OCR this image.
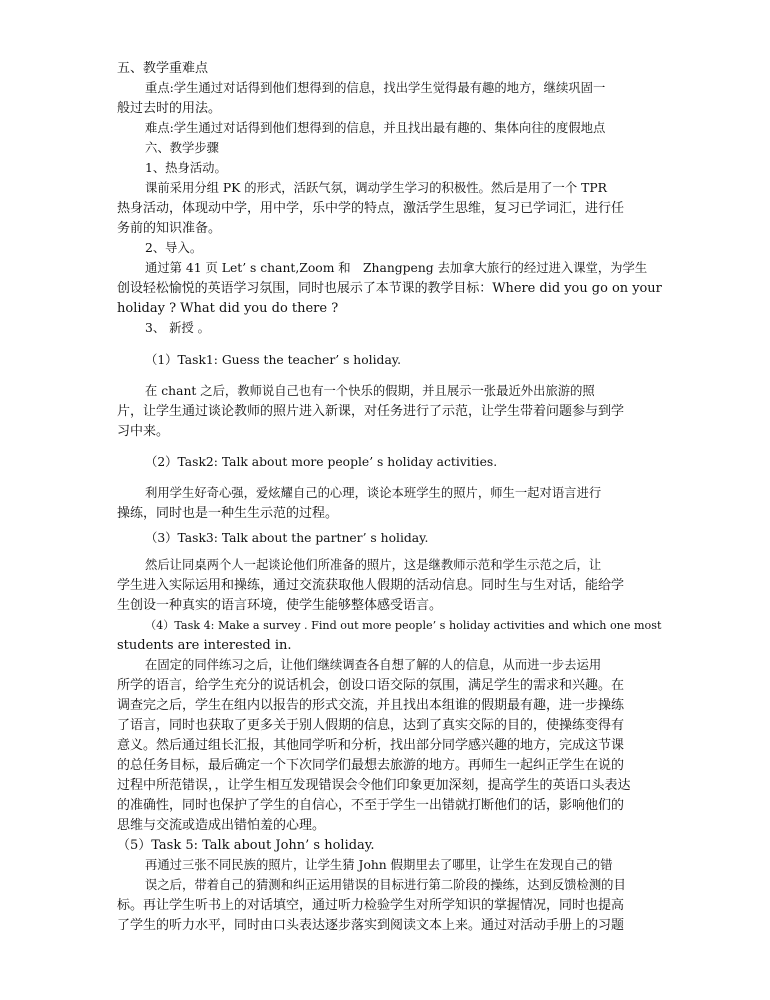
五、教学重难点
重点:学生通过对话得到他们想得到的信息，找出学生觉得最有趣的地方，继续巩固一
般过去时的用法。
难点:学生通过对话得到他们想得到的信息，并且找出最有趣的、集体向往的度假地点
六、教学步骤
1、热身活动。
课前采用分组 PK 的形式，活跃气氛，调动学生学习的积极性。然后是用了一个 TPR
热身活动，体现动中学，用中学，乐中学的特点，激活学生思维，复习已学词汇，进行任
务前的知识准备。
2、导入。
通过第 41 页 Let’ s chant,Zoom 和　Zhangpeng 去加拿大旅行的经过进入课堂，为学生
创设轻松愉悦的英语学习氛围，同时也展示了本节课的教学目标：Where did you go on your
holiday ? What did you do there ?
3、 新授 。
（1）Task1: Guess the teacher’ s holiday.
在 chant 之后，教师说自己也有一个快乐的假期，并且展示一张最近外出旅游的照
片，让学生通过谈论教师的照片进入新课，对任务进行了示范，让学生带着问题参与到学
习中来。
（2）Task2: Talk about more people’ s holiday activities.
利用学生好奇心强，爱炫耀自己的心理，谈论本班学生的照片，师生一起对语言进行
操练，同时也是一种生生示范的过程。
（3）Task3: Talk about the partner’ s holiday.
然后让同桌两个人一起谈论他们所准备的照片，这是继教师示范和学生示范之后，让
学生进入实际运用和操练，通过交流获取他人假期的活动信息。同时生与生对话，能给学
生创设一种真实的语言环境，使学生能够整体感受语言。
（4）Task 4: Make a survey . Find out more people’ s holiday activities and which one most
students are interested in.
在固定的同伴练习之后，让他们继续调查各自想了解的人的信息，从而进一步去运用
所学的语言，给学生充分的说话机会，创设口语交际的氛围，满足学生的需求和兴趣。在
调查完之后，学生在组内以报告的形式交流，并且找出本组谁的假期最有趣，进一步操练
了语言，同时也获取了更多关于别人假期的信息，达到了真实交际的目的，使操练变得有
意义。然后通过组长汇报，其他同学听和分析，找出部分同学感兴趣的地方，完成这节课
的总任务目标，最后确定一个下次同学们最想去旅游的地方。再师生一起纠正学生在说的
过程中所范错误，，让学生相互发现错误会令他们印象更加深刻，提高学生的英语口头表达
的准确性，同时也保护了学生的自信心，不至于学生一出错就打断他们的话，影响他们的
思维与交流或造成出错怕羞的心理。
（5）Task 5: Talk about John’ s holiday.
再通过三张不同民族的照片，让学生猜 John 假期里去了哪里，让学生在发现自己的错
误之后，带着自己的猜测和纠正运用错误的目标进行第二阶段的操练，达到反馈检测的目
标。再让学生听书上的对话填空，通过听力检验学生对所学知识的掌握情况，同时也提高
了学生的听力水平，同时由口头表达逐步落实到阅读文本上来。通过对活动手册上的习题
